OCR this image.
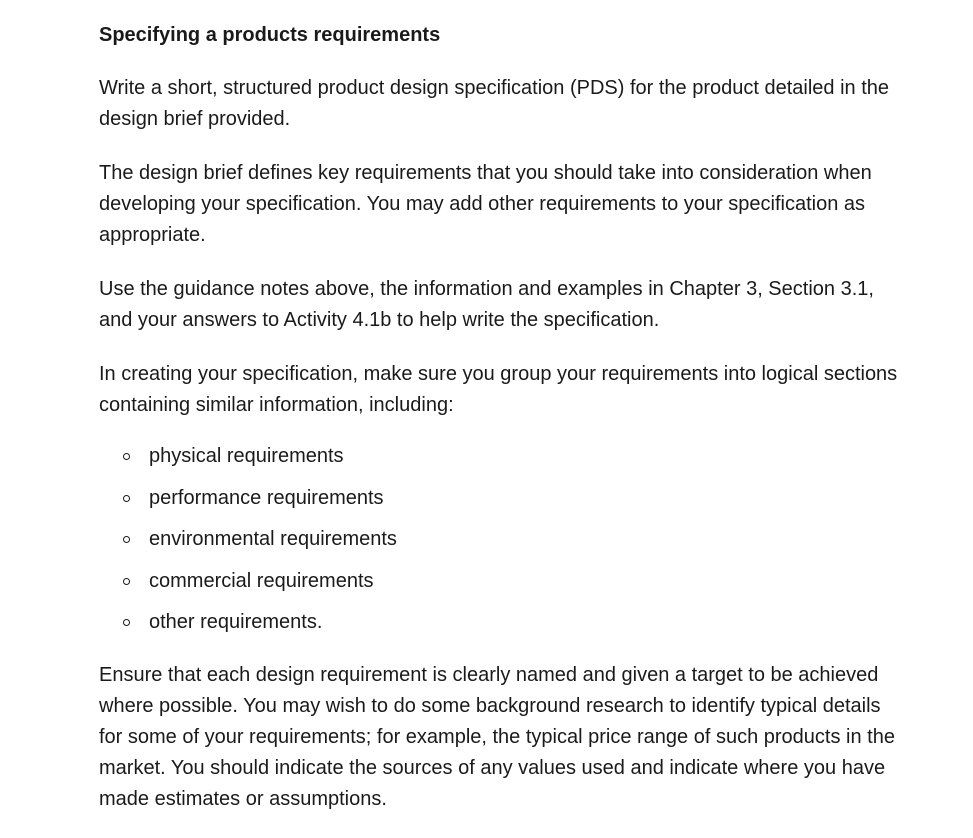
Specifying a products requirements

Write a short, structured product design specification (PDS) for the product detailed in the design brief provided.

The design brief defines key requirements that you should take into consideration when developing your specification. You may add other requirements to your specification as appropriate.

Use the guidance notes above, the information and examples in Chapter 3, Section 3.1, and your answers to Activity 4.1b to help write the specification.

In creating your specification, make sure you group your requirements into logical sections containing similar information, including:

physical requirements
performance requirements
environmental requirements
commercial requirements
other requirements.

Ensure that each design requirement is clearly named and given a target to be achieved where possible. You may wish to do some background research to identify typical details for some of your requirements; for example, the typical price range of such products in the market. You should indicate the sources of any values used and indicate where you have made estimates or assumptions.
